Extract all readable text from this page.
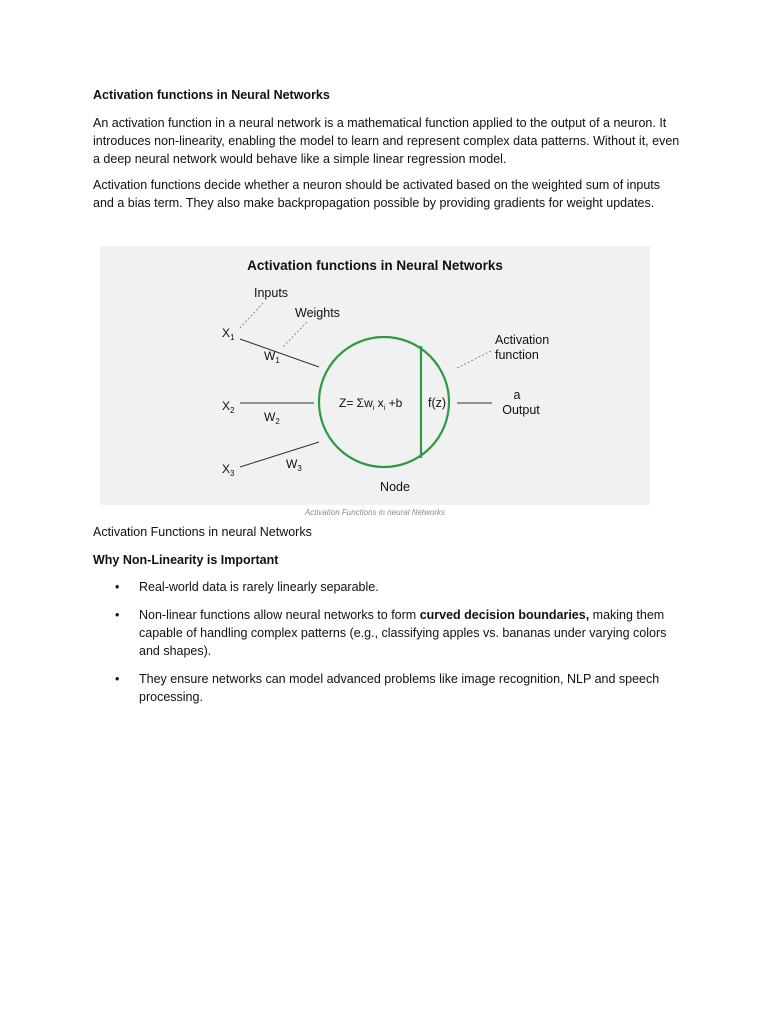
Activation functions in Neural Networks

An activation function in a neural network is a mathematical function applied to the output of a neuron. It introduces non-linearity, enabling the model to learn and represent complex data patterns. Without it, even a deep neural network would behave like a simple linear regression model.

Activation functions decide whether a neuron should be activated based on the weighted sum of inputs and a bias term. They also make backpropagation possible by providing gradients for weight updates.

Activation functions in Neural Networks
Inputs
Weights
$X_1$
$W_1$
$X_2$ $W_2$
$X_3$
$W_3$
$Z= \Sigma w_i$ $x_i +b$ f(z)
Activation
function
a
Output
Node
Activation Functions in neural Networks

Activation Functions in neural Networks

Why Non-Linearity is Important
• Real-world data is rarely linearly separable.
• Non-linear functions allow neural networks to form curved decision boundaries, making them capable of handling complex patterns (e.g., classifying apples vs. bananas under varying colors and shapes).
• They ensure networks can model advanced problems like image recognition, NLP and speech processing.
